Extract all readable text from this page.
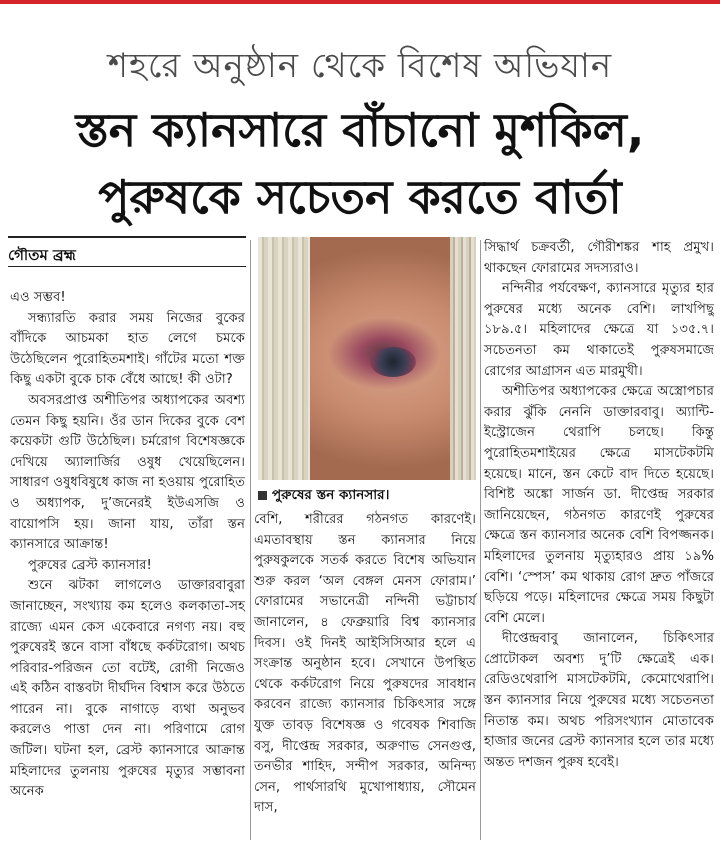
শহরে অনুষ্ঠান থেকে বিশেষ অভিযান
স্তন ক্যানসারে বাঁচানো মুশকিল,
পুরুষকে সচেতন করতে বার্তা
গৌতম ব্রহ্ম
পুরুষের স্তন ক্যানসার।

এও সম্ভব!

সন্ধ্যারতি করার সময় নিজের বুকের বাঁদিকে আচমকা হাত লেগে চমকে উঠেছিলেন পুরোহিতমশাই। গাঁটের মতো শক্ত কিছু একটা বুকে চাক বেঁধে আছে! কী ওটা?

অবসরপ্রাপ্ত অশীতিপর অধ্যাপকের অবশ্য তেমন কিছু হয়নি। ওঁর ডান দিকের বুকে বেশ কয়েকটা গুটি উঠেছিল। চর্মরোগ বিশেষজ্ঞকে দেখিয়ে অ্যালার্জির ওষুধ খেয়েছিলেন। সাধারণ ওষুধবিষুধে কাজ না হওয়ায় পুরোহিত ও অধ্যাপক, দু’জনেরই ইউএসজি ও বায়োপসি হয়। জানা যায়, তাঁরা স্তন ক্যানসারে আক্রান্ত!

পুরুষের ব্রেস্ট ক্যানসার!

শুনে ঝটকা লাগলেও ডাক্তারবাবুরা জানাচ্ছেন, সংখ্যায় কম হলেও কলকাতা-সহ রাজ্যে এমন কেস একেবারে নগণ্য নয়। বহু পুরুষেরই স্তনে বাসা বাঁধছে কর্কটরোগ। অথচ পরিবার-পরিজন তো বটেই, রোগী নিজেও এই কঠিন বাস্তবটা দীর্ঘদিন বিশ্বাস করে উঠতে পারেন না। বুকে নাগাড়ে ব্যথা অনুভব করলেও পাত্তা দেন না। পরিণামে রোগ জটিল। ঘটনা হল, ব্রেস্ট ক্যানসারে আক্রান্ত মহিলাদের তুলনায় পুরুষের মৃত্যুর সম্ভাবনা অনেক

বেশি, শরীরের গঠনগত কারণেই। এমতাবস্থায় স্তন ক্যানসার নিয়ে পুরুষকুলকে সতর্ক করতে বিশেষ অভিযান শুরু করল ‘অল বেঙ্গল মেনস ফোরাম।’ ফোরামের সভানেত্রী নন্দিনী ভট্টাচার্য জানালেন, ৪ ফেব্রুয়ারি বিশ্ব ক্যানসার দিবস। ওই দিনই আইসিসিআর হলে এ সংক্রান্ত অনুষ্ঠান হবে। সেখানে উপস্থিত থেকে কর্কটরোগ নিয়ে পুরুষদের সাবধান করবেন রাজ্যে ক্যানসার চিকিৎসার সঙ্গে যুক্ত তাবড় বিশেষজ্ঞ ও গবেষক শিবাজি বসু, দীপ্তেন্দ্র সরকার, অরুণাভ সেনগুপ্ত, তনভীর শাহিদ, সন্দীপ সরকার, অনিন্দ্য সেন, পার্থসারথি মুখোপাধ্যায়, সৌমেন দাস,

সিদ্ধার্থ চক্রবর্তী, গৌরীশঙ্কর শাহ প্রমুখ। থাকছেন ফোরামের সদস্যরাও।

নন্দিনীর পর্যবেক্ষণ, ক্যানসারে মৃত্যুর হার পুরুষের মধ্যে অনেক বেশি। লাখপিছু ১৮৯.৫। মহিলাদের ক্ষেত্রে যা ১৩৫.৭। সচেতনতা কম থাকাতেই পুরুষসমাজে রোগের আগ্রাসন এত মারমুখী।

অশীতিপর অধ্যাপকের ক্ষেত্রে অস্ত্রোপচার করার ঝুঁকি নেননি ডাক্তারবাবু। অ্যান্টি-ইস্ট্রোজেন থেরাপি চলছে। কিন্তু পুরোহিতমশাইয়ের ক্ষেত্রে মাসটেকটমি হয়েছে। মানে, স্তন কেটে বাদ দিতে হয়েছে। বিশিষ্ট অঙ্কো সার্জন ডা. দীপ্তেন্দ্র সরকার জানিয়েছেন, গঠনগত কারণেই পুরুষের ক্ষেত্রে স্তন ক্যানসার অনেক বেশি বিপজ্জনক। মহিলাদের তুলনায় মৃত্যুহারও প্রায় ১৯% বেশি। ‘স্পেস’ কম থাকায় রোগ দ্রুত পাঁজরে ছড়িয়ে পড়ে। মহিলাদের ক্ষেত্রে সময় কিছুটা বেশি মেলে।

দীপ্তেন্দ্রবাবু জানালেন, চিকিৎসার প্রোটোকল অবশ্য দু’টি ক্ষেত্রেই এক। রেডিওথেরাপি মাসটেকটমি, কেমোথেরাপি। স্তন ক্যানসার নিয়ে পুরুষের মধ্যে সচেতনতা নিতান্ত কম। অথচ পরিসংখ্যান মোতাবেক হাজার জনের ব্রেস্ট ক্যানসার হলে তার মধ্যে অন্তত দশজন পুরুষ হবেই।
